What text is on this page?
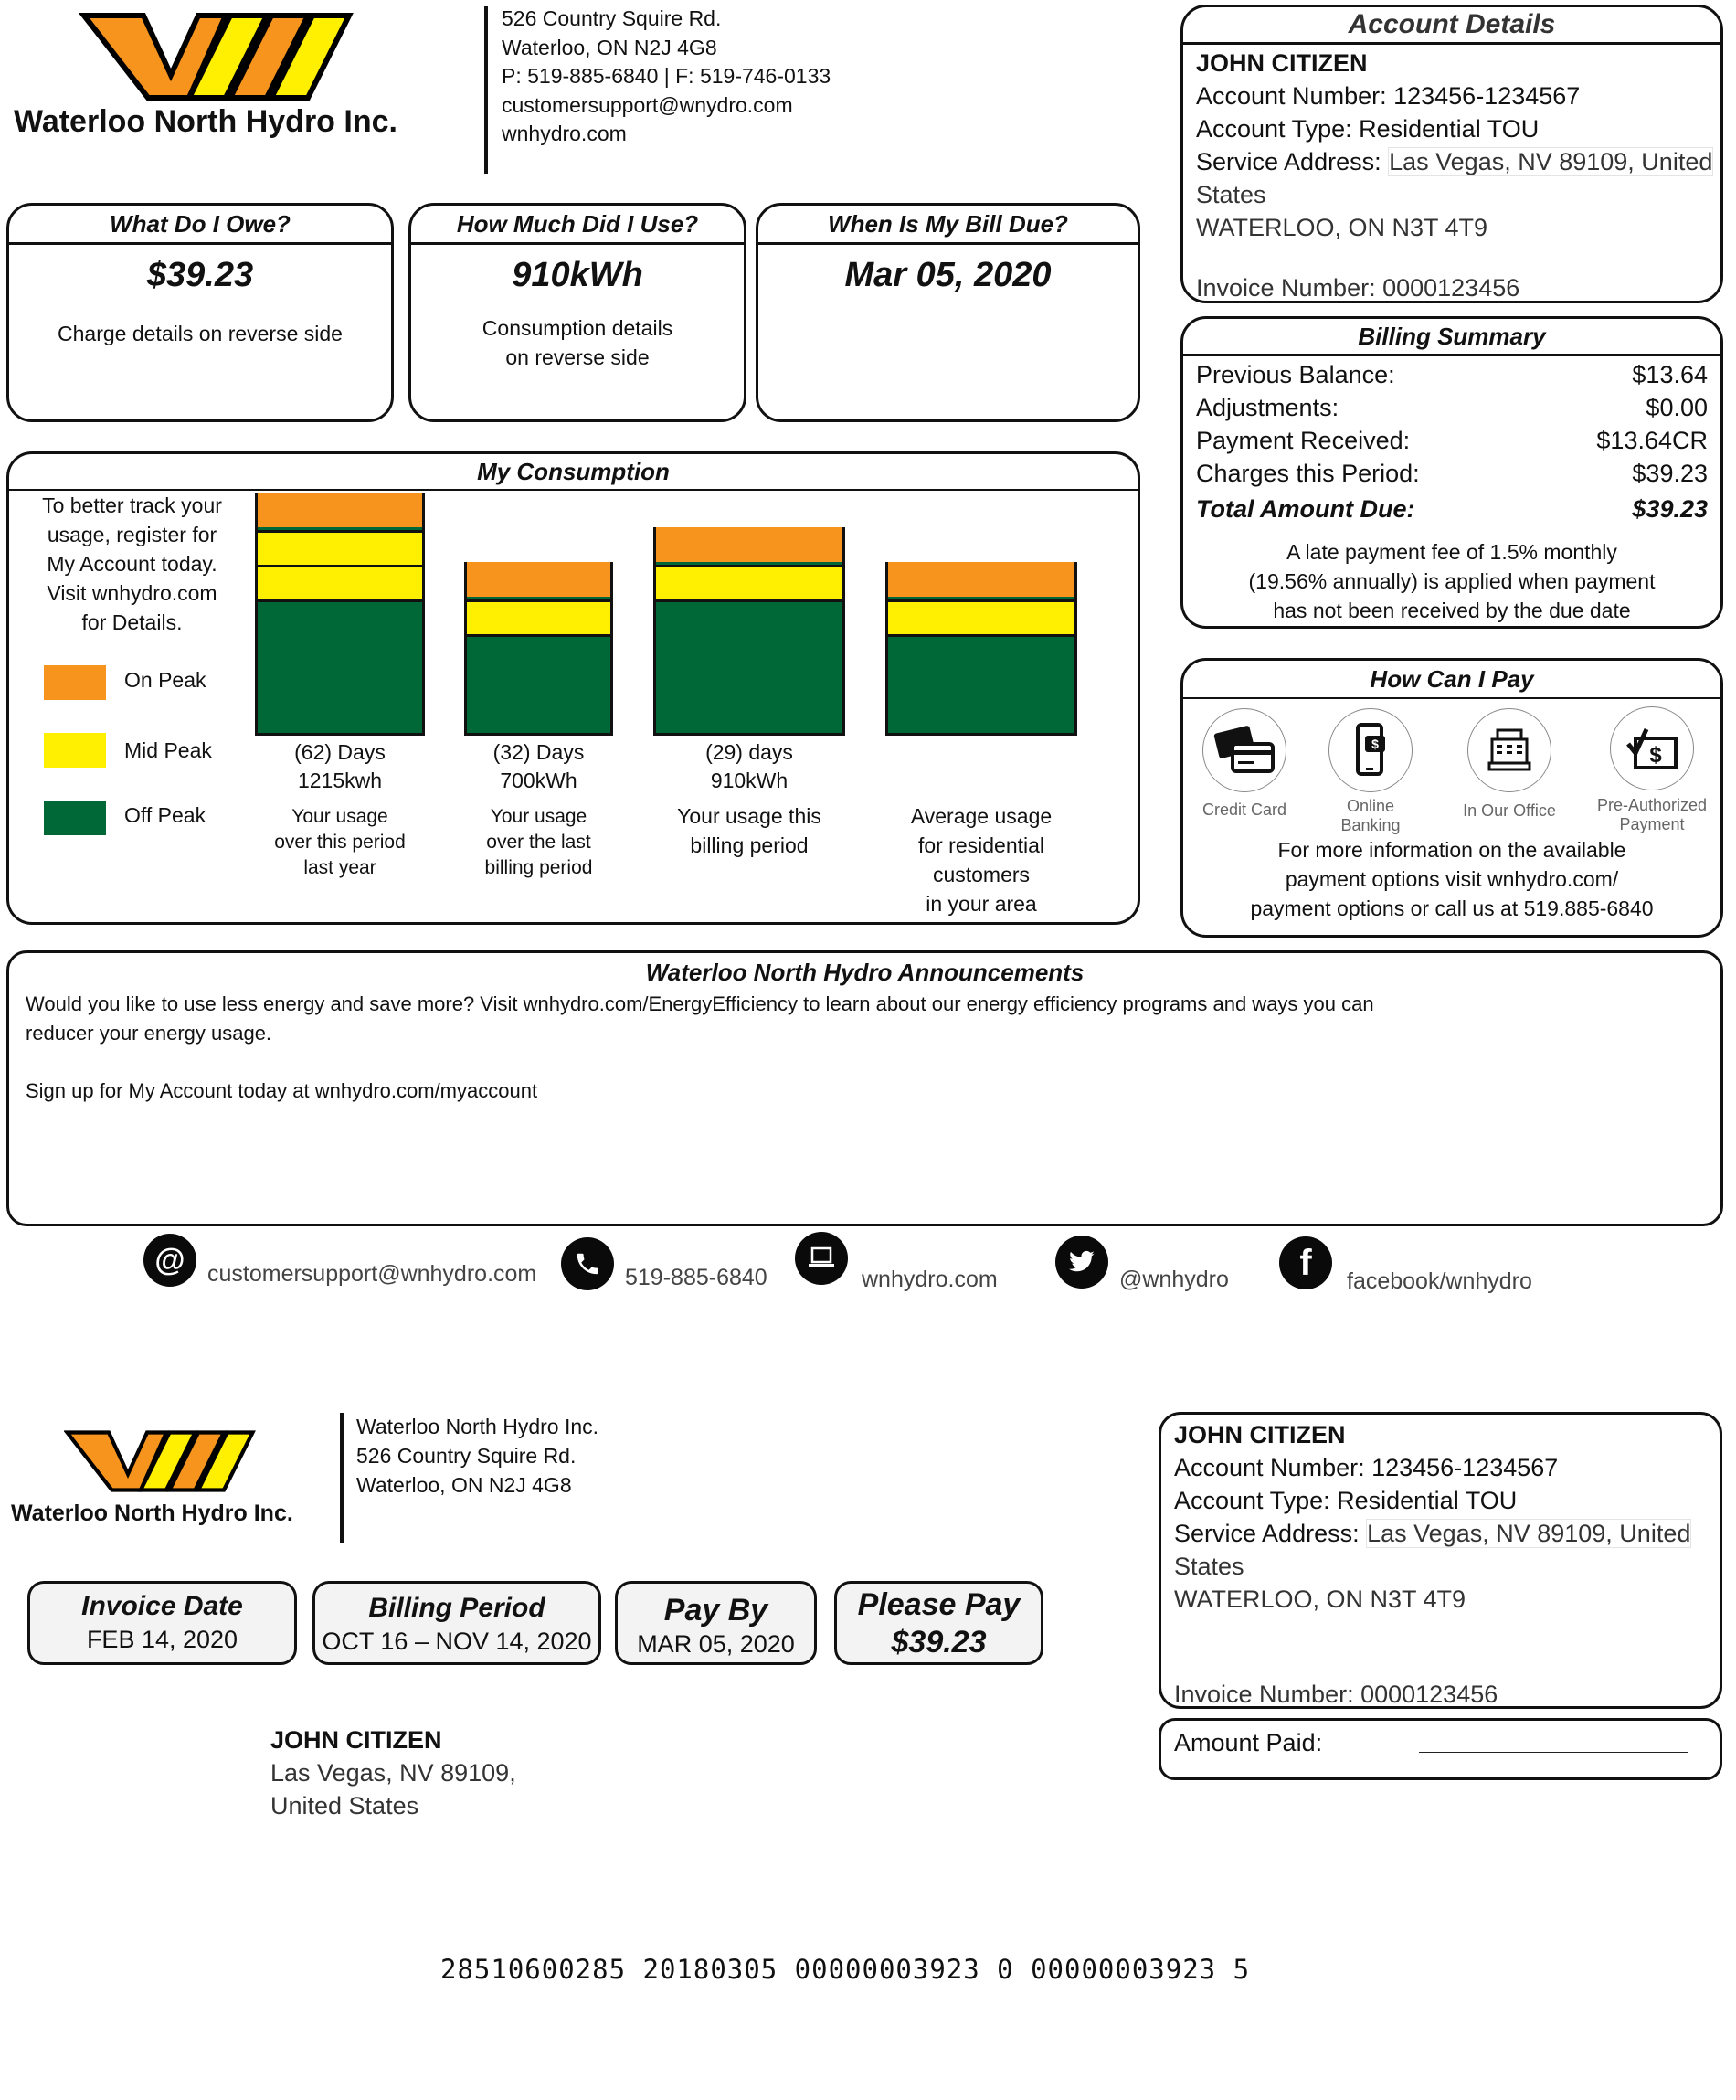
Waterloo North Hydro Inc.
526 Country Squire Rd.
Waterloo, ON N2J 4G8
P: 519-885-6840 | F: 519-746-0133
customersupport@wnydro.com
wnhydro.com
Account Details
JOHN CITIZEN
Account Number: 123456-1234567
Account Type: Residential TOU
Service Address: Las Vegas, NV 89109, United
States
WATERLOO, ON N3T 4T9
Invoice Number: 0000123456
What Do I Owe?
$39.23
Charge details on reverse side
How Much Did I Use?
910kWh
Consumption details
on reverse side
When Is My Bill Due?
Mar 05, 2020
My Consumption
To better track your
usage, register for
My Account today.
Visit wnhydro.com
for Details.
On Peak
Mid Peak
Off Peak
(62) Days
1215kwh
Your usage
over this period
last year
(32) Days
700kWh
Your usage
over the last
billing period
(29) days
910kWh
Your usage this
billing period
Average usage
for residential
customers
in your area
Billing Summary
Previous Balance:	$13.64
Adjustments:	$0.00
Payment Received:	$13.64CR
Charges this Period:	$39.23
Total Amount Due:	$39.23
A late payment fee of 1.5% monthly
(19.56% annually) is applied when payment
has not been received by the due date
How Can I Pay
Credit Card
$
Online
Banking
In Our Office
$
Pre-Authorized
Payment
For more information on the available
payment options visit wnhydro.com/
payment options or call us at 519.885-6840
Waterloo North Hydro Announcements
Would you like to use less energy and save more? Visit wnhydro.com/EnergyEfficiency to learn about our energy efficiency programs and ways you can
reducer your energy usage.
Sign up for My Account today at wnhydro.com/myaccount
@ customersupport@wnhydro.com	519-885-6840	wnhydro.com	@wnhydro f facebook/wnhydro
Waterloo North Hydro Inc.
Waterloo North Hydro Inc.
526 Country Squire Rd.
Waterloo, ON N2J 4G8
Invoice Date
FEB 14, 2020
Billing Period
OCT 16 – NOV 14, 2020
Pay By
MAR 05, 2020
Please Pay
$39.23
JOHN CITIZEN
Account Number: 123456-1234567
Account Type: Residential TOU
Service Address: Las Vegas, NV 89109, United
States
WATERLOO, ON N3T 4T9
Invoice Number: 0000123456
Amount Paid:
JOHN CITIZEN
Las Vegas, NV 89109,
United States
28510600285 20180305 00000003923 0 00000003923 5
